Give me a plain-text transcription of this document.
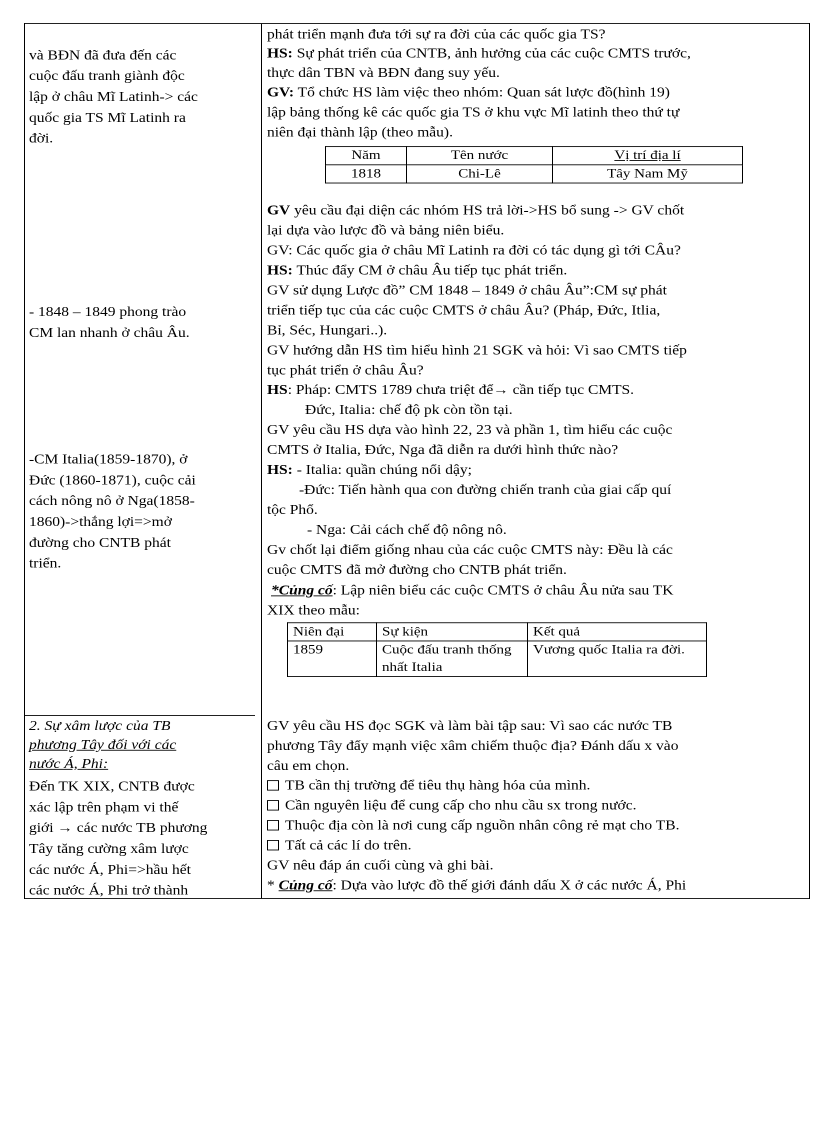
và BĐN đã đưa đến các
cuộc đấu tranh giành độc
lập ở châu Mĩ Latinh-> các
quốc gia TS Mĩ Latinh ra
đời.
- 1848 – 1849 phong trào
CM lan nhanh ở châu Âu.
-CM Italia(1859-1870), ở
Đức (1860-1871), cuộc cải
cách nông nô ở Nga(1858-
1860)->thắng lợi=>mở
đường cho CNTB phát
triển.
2. Sự xâm lược của TB
phương Tây đối với các
nước Á, Phi:
phát triển mạnh đưa tới sự ra đời của các quốc gia TS?
HS: Sự phát triển của CNTB, ảnh hưởng của các cuộc CMTS trước,
thực dân TBN và BĐN đang suy yếu.
GV: Tổ chức HS làm việc theo nhóm: Quan sát lược đồ(hình 19)
lập bảng thống kê các quốc gia TS ở khu vực Mĩ latinh theo thứ tự
niên đại thành lập (theo mẫu).
Năm	Tên nước	Vị trí địa lí
1818	Chi-Lê	Tây Nam Mỹ
GV yêu cầu đại diện các nhóm HS trả lời->HS bổ sung -> GV chốt
lại dựa vào lược đồ và bảng niên biểu.
GV: Các quốc gia ở châu Mĩ Latinh ra đời có tác dụng gì tới CÂu?
HS: Thúc đẩy CM ở châu Âu tiếp tục phát triển.
GV sử dụng Lược đồ” CM 1848 – 1849 ở châu Âu”:CM sự phát
triển tiếp tục của các cuộc CMTS ở châu Âu? (Pháp, Đức, Itlia,
Bỉ, Séc, Hungari..).
GV hướng dẫn HS tìm hiểu hình 21 SGK và hỏi: Vì sao CMTS tiếp
tục phát triển ở châu Âu?
HS: Pháp: CMTS 1789 chưa triệt để→ cần tiếp tục CMTS.
Đức, Italia: chế độ pk còn tồn tại.
GV yêu cầu HS dựa vào hình 22, 23 và phần 1, tìm hiểu các cuộc
CMTS ở Italia, Đức, Nga đã diễn ra dưới hình thức nào?
HS: - Italia: quần chúng nổi dậy;
-Đức: Tiến hành qua con đường chiến tranh của giai cấp quí
tộc Phổ.
- Nga: Cải cách chế độ nông nô.
Gv chốt lại điểm giống nhau của các cuộc CMTS này: Đều là các
cuộc CMTS đã mở đường cho CNTB phát triển.
*Củng cố: Lập niên biểu các cuộc CMTS ở châu Âu nửa sau TK
XIX theo mẫu:
Niên đại	Sự kiện	Kết quả
1859	Cuộc đấu tranh thống nhất Italia	Vương quốc Italia ra đời.
Đến TK XIX, CNTB được
xác lập trên phạm vi thế
giới → các nước TB phương
Tây tăng cường xâm lược
các nước Á, Phi=>hầu hết
các nước Á, Phi trở thành
GV yêu cầu HS đọc SGK và làm bài tập sau: Vì sao các nước TB
phương Tây đẩy mạnh việc xâm chiếm thuộc địa? Đánh dấu x vào
câu em chọn.
TB cần thị trường để tiêu thụ hàng hóa của mình.
Cần nguyên liệu để cung cấp cho nhu cầu sx trong nước.
Thuộc địa còn là nơi cung cấp nguồn nhân công rẻ mạt cho TB.
Tất cả các lí do trên.
GV nêu đáp án cuối cùng và ghi bài.
* Củng cố: Dựa vào lược đồ thế giới đánh dấu X ở các nước Á, Phi
